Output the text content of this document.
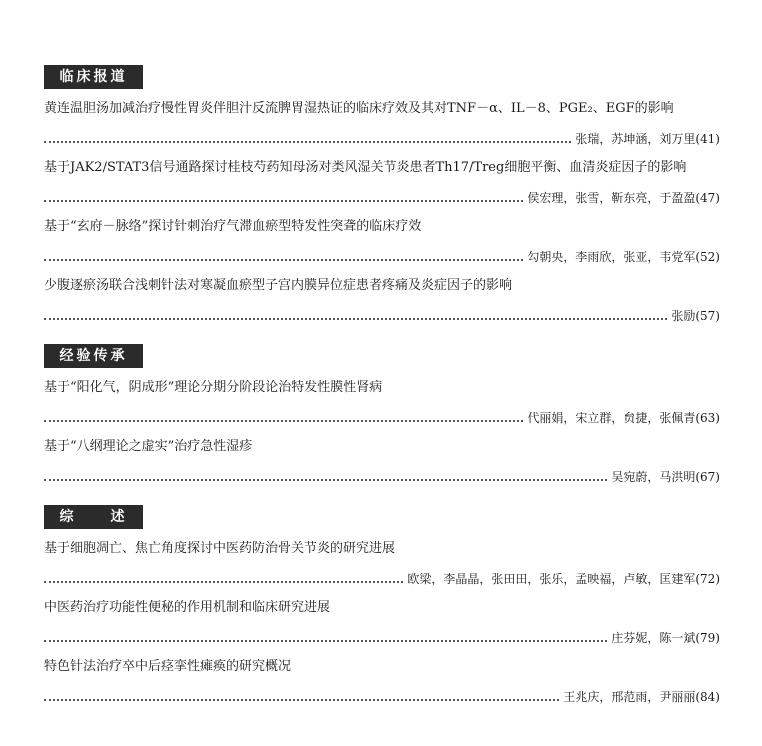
临床报道
黄连温胆汤加减治疗慢性胃炎伴胆汁反流脾胃湿热证的临床疗效及其对TNF－α、IL－8、PGE₂、EGF的影响
张瑞，苏坤涵，刘万里(41)
基于JAK2/STAT3信号通路探讨桂枝芍药知母汤对类风湿关节炎患者Th17/Treg细胞平衡、血清炎症因子的影响
侯宏理，张雪，靳东亮，于盈盈(47)
基于“玄府－脉络”探讨针刺治疗气滞血瘀型特发性突聋的临床疗效
勾朝央，李雨欣，张亚，韦党军(52)
少腹逐瘀汤联合浅刺针法对寒凝血瘀型子宫内膜异位症患者疼痛及炎症因子的影响
张励(57)
经验传承
基于“阳化气，阴成形”理论分期分阶段论治特发性膜性肾病
代丽娟，宋立群，贠捷，张佩青(63)
基于“八纲理论之虚实”治疗急性湿疹
吴宛蔚，马洪明(67)
综　　述
基于细胞凋亡、焦亡角度探讨中医药防治骨关节炎的研究进展
欧梁，李晶晶，张田田，张乐，孟映福，卢敏，匡建军(72)
中医药治疗功能性便秘的作用机制和临床研究进展
庄芬妮，陈一斌(79)
特色针法治疗卒中后痉挛性瘫痪的研究概况
王兆庆，邢范雨，尹丽丽(84)
